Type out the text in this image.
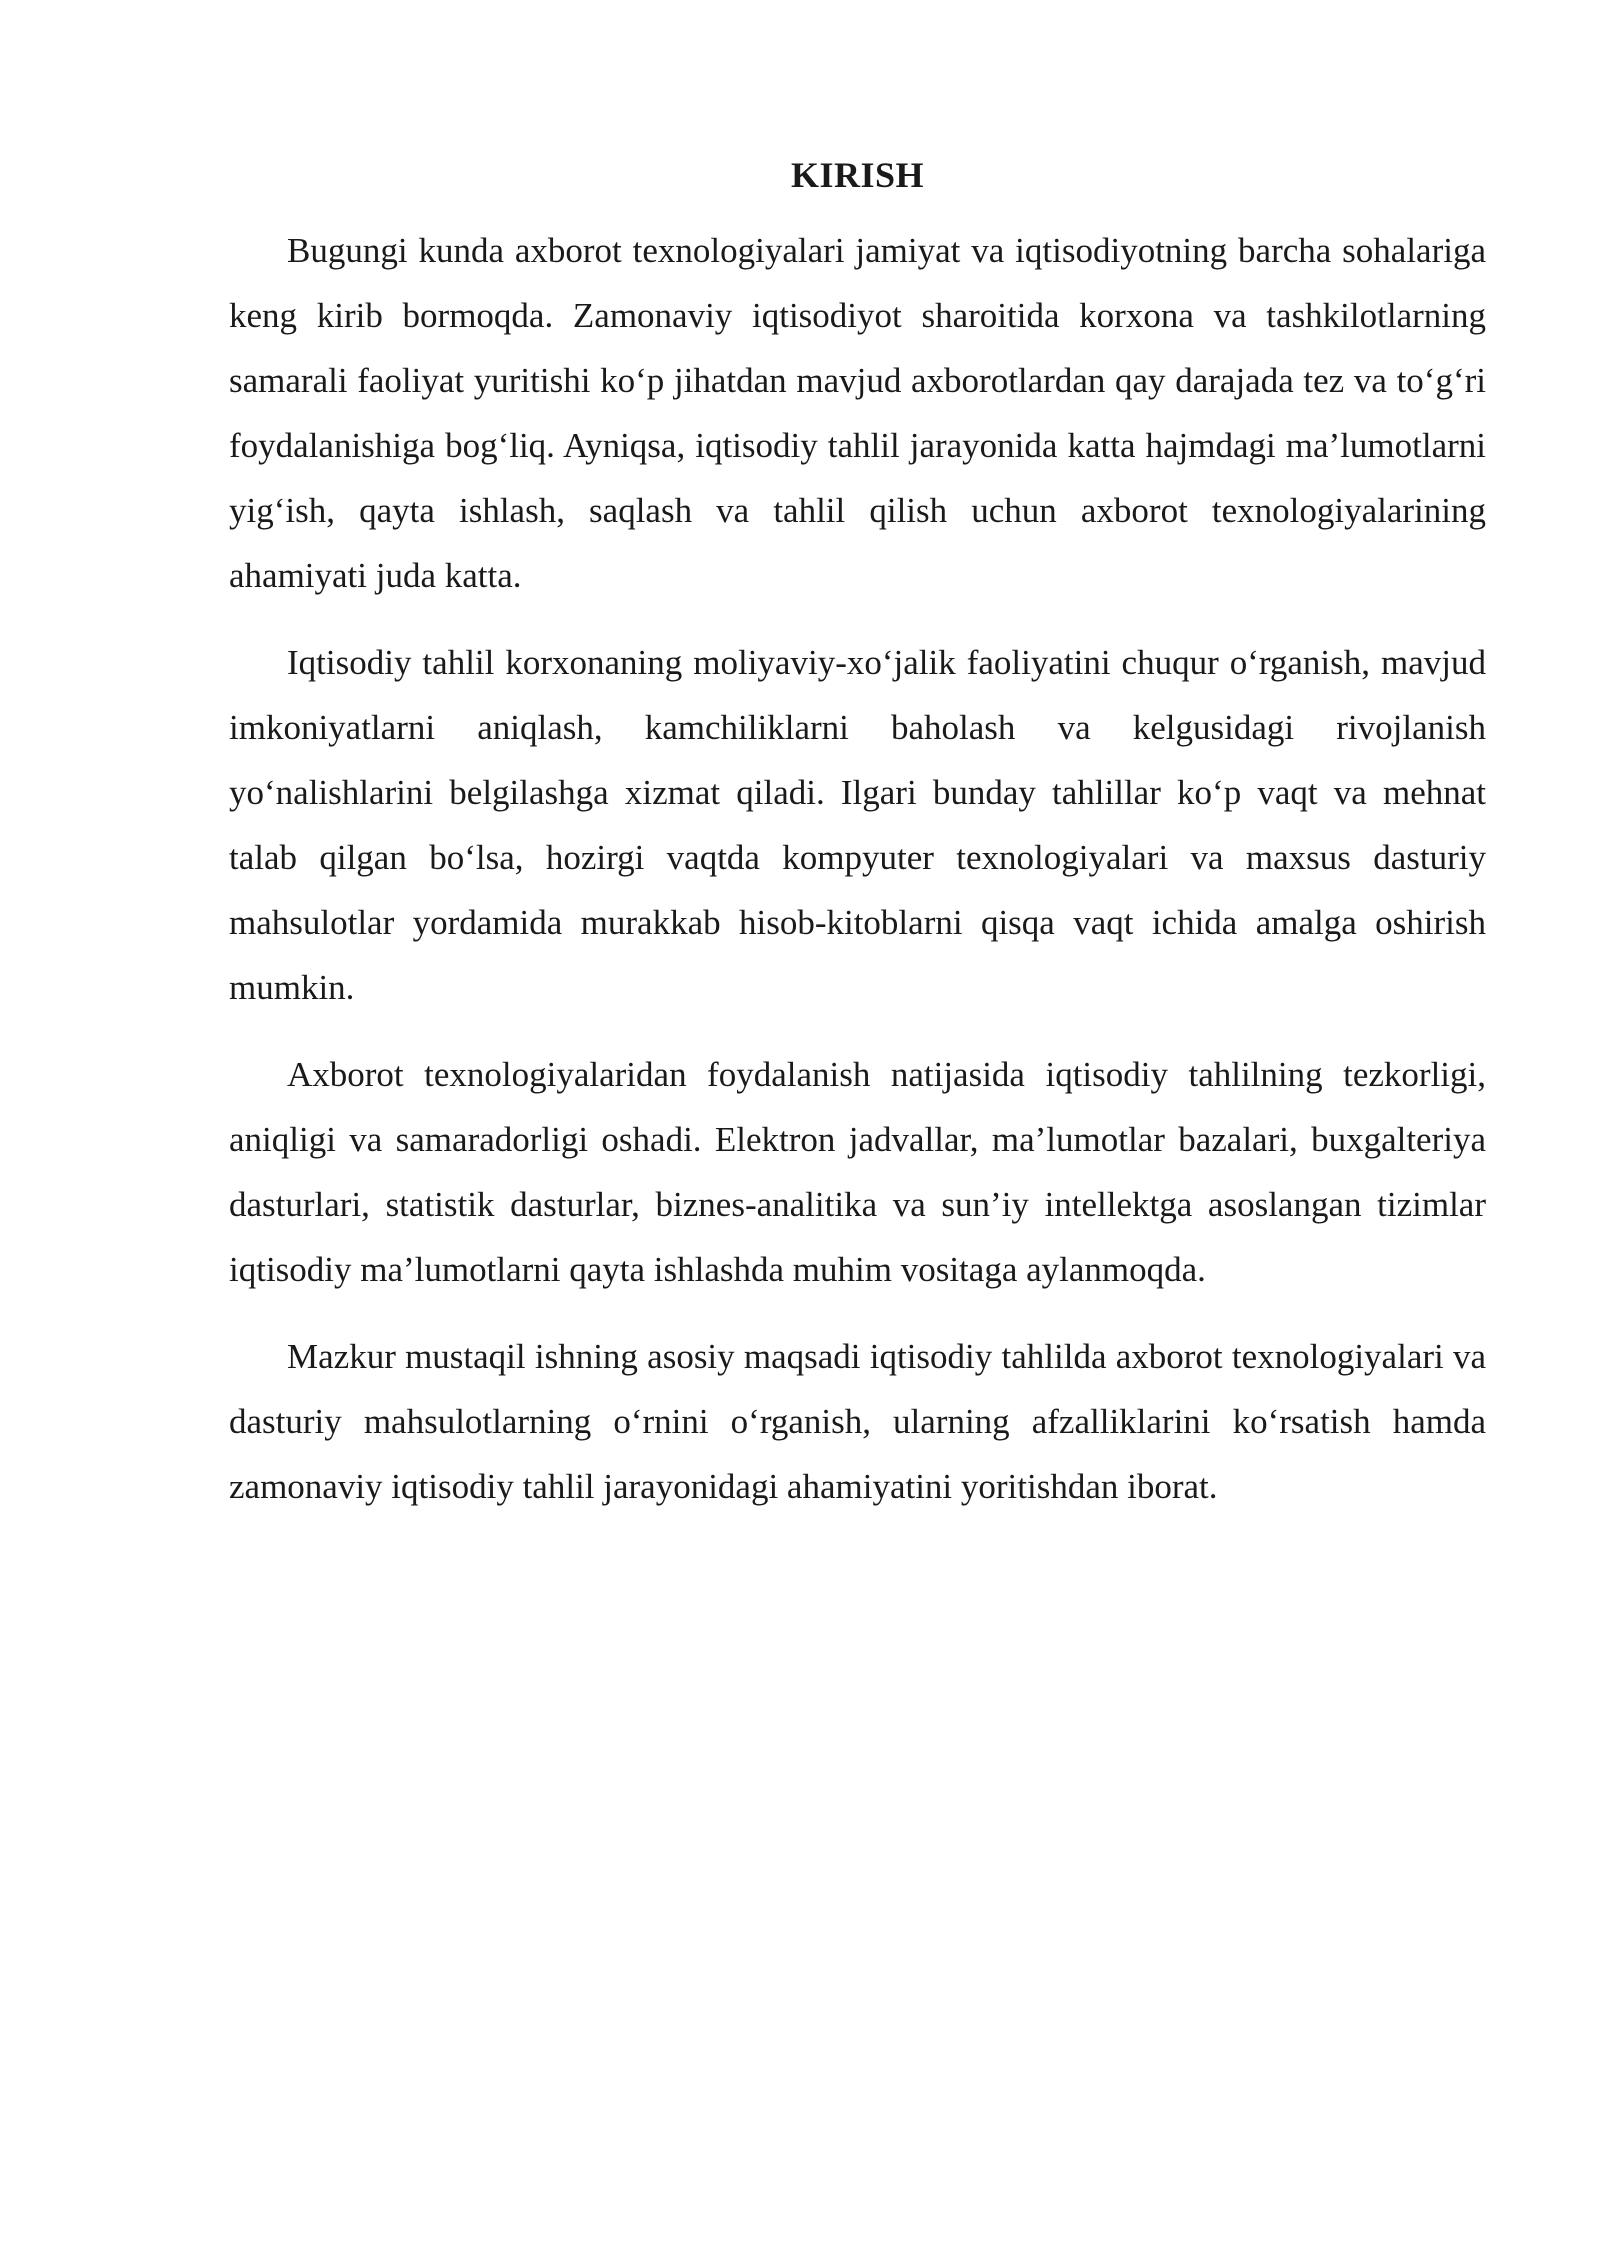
KIRISH

Bugungi kunda axborot texnologiyalari jamiyat va iqtisodiyotning barcha sohalariga keng kirib bormoqda. Zamonaviy iqtisodiyot sharoitida korxona va tashkilotlarning samarali faoliyat yuritishi ko‘p jihatdan mavjud axborotlardan qay darajada tez va to‘g‘ri foydalanishiga bog‘liq. Ayniqsa, iqtisodiy tahlil jarayonida katta hajmdagi ma’lumotlarni yig‘ish, qayta ishlash, saqlash va tahlil qilish uchun axborot texnologiyalarining ahamiyati juda katta.

Iqtisodiy tahlil korxonaning moliyaviy-xo‘jalik faoliyatini chuqur o‘rganish, mavjud imkoniyatlarni aniqlash, kamchiliklarni baholash va kelgusidagi rivojlanish yo‘nalishlarini belgilashga xizmat qiladi. Ilgari bunday tahlillar ko‘p vaqt va mehnat talab qilgan bo‘lsa, hozirgi vaqtda kompyuter texnologiyalari va maxsus dasturiy mahsulotlar yordamida murakkab hisob-kitoblarni qisqa vaqt ichida amalga oshirish mumkin.

Axborot texnologiyalaridan foydalanish natijasida iqtisodiy tahlilning tezkorligi, aniqligi va samaradorligi oshadi. Elektron jadvallar, ma’lumotlar bazalari, buxgalteriya dasturlari, statistik dasturlar, biznes-analitika va sun’iy intellektga asoslangan tizimlar iqtisodiy ma’lumotlarni qayta ishlashda muhim vositaga aylanmoqda.

Mazkur mustaqil ishning asosiy maqsadi iqtisodiy tahlilda axborot texnologiyalari va dasturiy mahsulotlarning o‘rnini o‘rganish, ularning afzalliklarini ko‘rsatish hamda zamonaviy iqtisodiy tahlil jarayonidagi ahamiyatini yoritishdan iborat.
